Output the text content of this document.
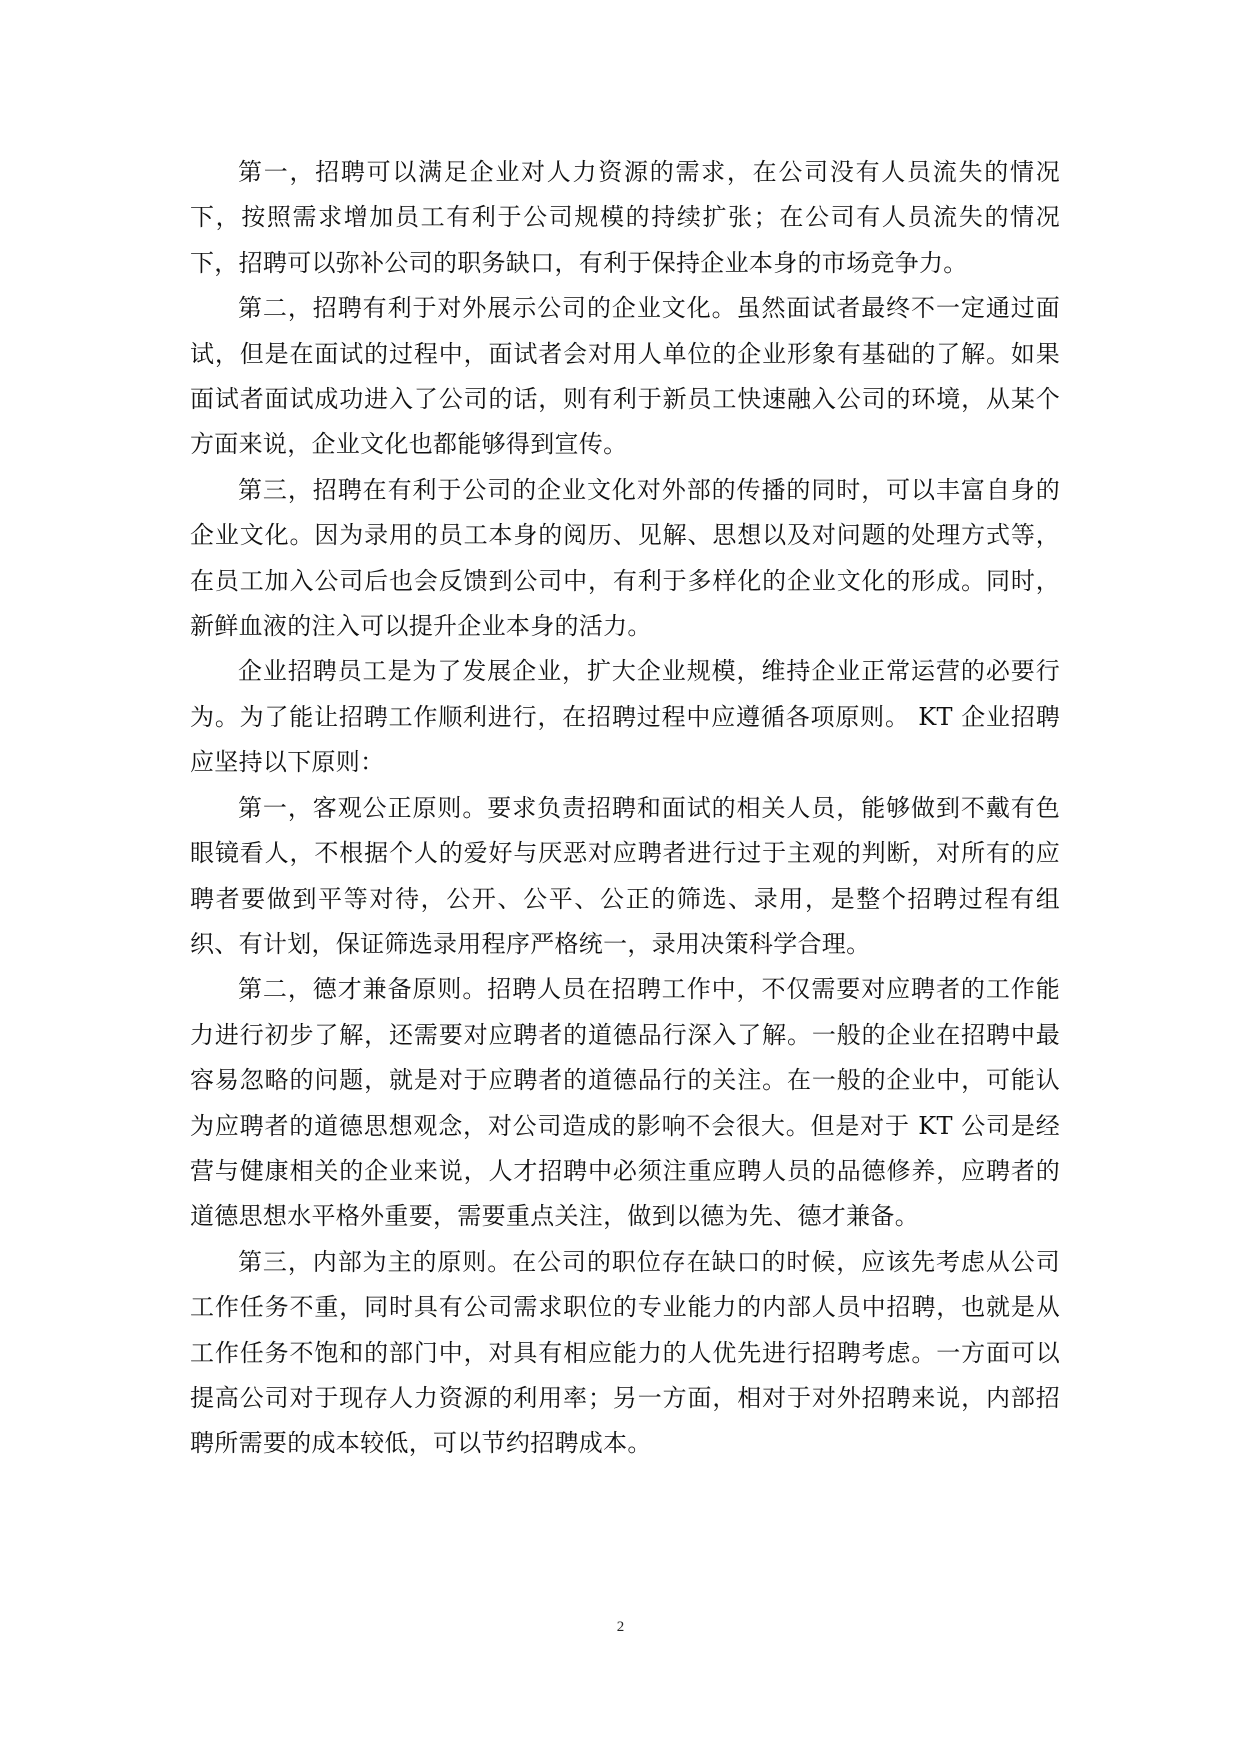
第一，招聘可以满足企业对人力资源的需求，在公司没有人员流失的情况下，按照需求增加员工有利于公司规模的持续扩张；在公司有人员流失的情况下，招聘可以弥补公司的职务缺口，有利于保持企业本身的市场竞争力。

第二，招聘有利于对外展示公司的企业文化。虽然面试者最终不一定通过面试，但是在面试的过程中，面试者会对用人单位的企业形象有基础的了解。如果面试者面试成功进入了公司的话，则有利于新员工快速融入公司的环境，从某个方面来说，企业文化也都能够得到宣传。

第三，招聘在有利于公司的企业文化对外部的传播的同时，可以丰富自身的企业文化。因为录用的员工本身的阅历、见解、思想以及对问题的处理方式等，在员工加入公司后也会反馈到公司中，有利于多样化的企业文化的形成。同时，新鲜血液的注入可以提升企业本身的活力。

企业招聘员工是为了发展企业，扩大企业规模，维持企业正常运营的必要行为。为了能让招聘工作顺利进行，在招聘过程中应遵循各项原则。 KT 企业招聘应坚持以下原则：

第一，客观公正原则。要求负责招聘和面试的相关人员，能够做到不戴有色眼镜看人，不根据个人的爱好与厌恶对应聘者进行过于主观的判断，对所有的应聘者要做到平等对待，公开、公平、公正的筛选、录用，是整个招聘过程有组织、有计划，保证筛选录用程序严格统一，录用决策科学合理。

第二，德才兼备原则。招聘人员在招聘工作中，不仅需要对应聘者的工作能力进行初步了解，还需要对应聘者的道德品行深入了解。一般的企业在招聘中最容易忽略的问题，就是对于应聘者的道德品行的关注。在一般的企业中，可能认为应聘者的道德思想观念，对公司造成的影响不会很大。但是对于 KT 公司是经营与健康相关的企业来说，人才招聘中必须注重应聘人员的品德修养，应聘者的道德思想水平格外重要，需要重点关注，做到以德为先、德才兼备。

第三，内部为主的原则。在公司的职位存在缺口的时候，应该先考虑从公司工作任务不重，同时具有公司需求职位的专业能力的内部人员中招聘，也就是从工作任务不饱和的部门中，对具有相应能力的人优先进行招聘考虑。一方面可以提高公司对于现存人力资源的利用率；另一方面，相对于对外招聘来说，内部招聘所需要的成本较低，可以节约招聘成本。

2
